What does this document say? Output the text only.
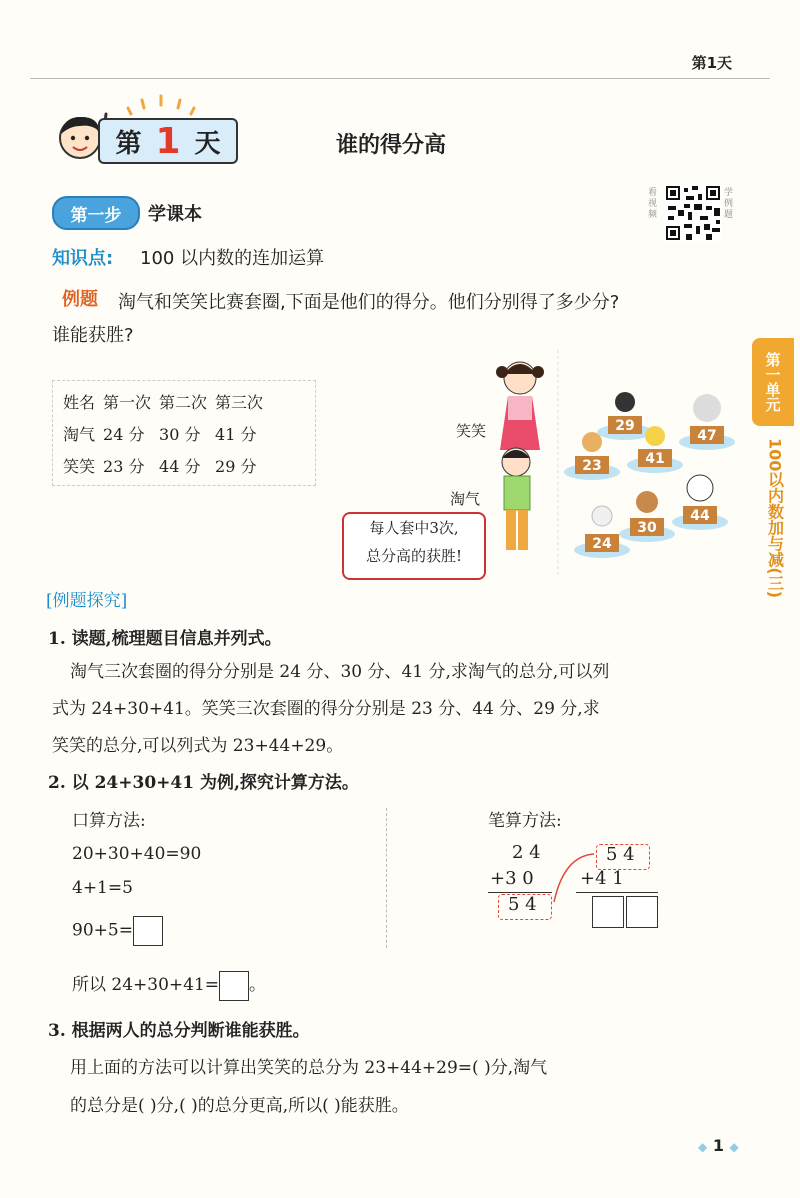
第1天
第 1 天	谁的得分高
第一步	学课本
看视频
学例题
知识点: 100 以内数的连加运算
例题 淘气和笑笑比赛套圈,下面是他们的得分。他们分别得了多少分?
谁能获胜?
姓名	第一次	第二次	第三次
淘气	24 分	30 分	41 分
笑笑	23 分	44 分	29 分
笑笑
淘气
29
47
23	41
44
24
30
每人套中3次,
总分高的获胜!
第一单元
100以内数加与减(三)
[例题探究]
1. 读题,梳理题目信息并列式。
淘气三次套圈的得分分别是 24 分、30 分、41 分,求淘气的总分,可以列
式为 24+30+41。笑笑三次套圈的得分分别是 23 分、44 分、29 分,求
笑笑的总分,可以列式为 23+44+29。
2. 以 24+30+41 为例,探究计算方法。
口算方法:
20+30+40=90
4+1=5
90+5=
笔算方法:
2 4
+3 0
5 4
5 4
+4 1
所以 24+30+41= 。
3. 根据两人的总分判断谁能获胜。
用上面的方法可以计算出笑笑的总分为 23+44+29=( )分,淘气
的总分是( )分,( )的总分更高,所以( )能获胜。
◆ 1 ◆
